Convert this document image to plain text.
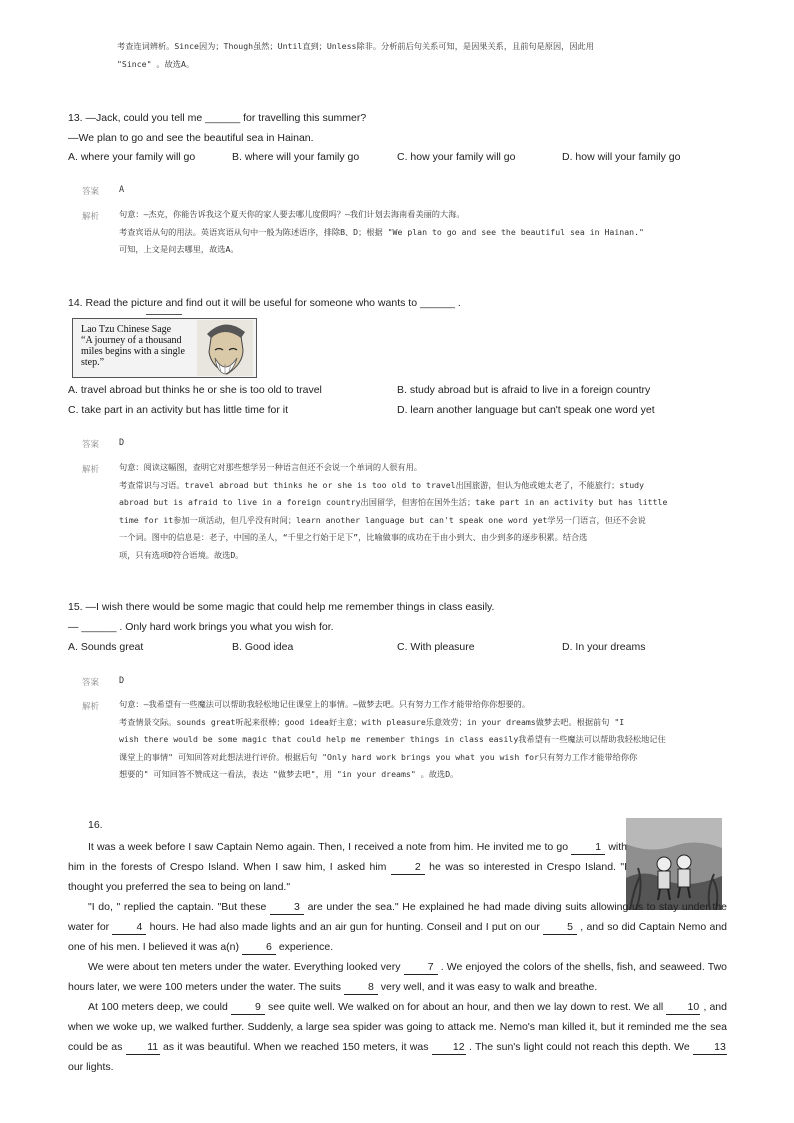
考查连词辨析。Since因为；Though虽然；Until直到；Unless除非。分析前后句关系可知，是因果关系，且前句是原因，因此用
"Since" 。故选A。
13. —Jack, could you tell me ______ for travelling this summer?
—We plan to go and see the beautiful sea in Hainan.
A. where your family will go	B. where will your family go	C. how your family will go	D. how will your family go
答案 A
解析 句意：—杰克，你能告诉我这个夏天你的家人要去哪儿度假吗？—我们计划去海南看美丽的大海。
考查宾语从句的用法。英语宾语从句中一般为陈述语序，排除B、D；根据 "We plan to go and see the beautiful sea in Hainan."
可知，上文是问去哪里，故选A。
14. Read the picture and find out it will be useful for someone who wants to ______ .
Lao Tzu Chinese Sage
“A journey of a thousand
miles begins with a single
step.”
A. travel abroad but thinks he or she is too old to travel	B. study abroad but is afraid to live in a foreign country
C. take part in an activity but has little time for it	D. learn another language but can't speak one word yet
答案 D
解析 句意：阅读这幅图，查明它对那些想学另一种语言但还不会说一个单词的人很有用。
考查常识与习语。travel abroad but thinks he or she is too old to travel出国旅游，但认为他或她太老了，不能旅行；study
abroad but is afraid to live in a foreign country出国留学，但害怕在国外生活；take part in an activity but has little
time for it参加一项活动，但几乎没有时间；learn another language but can't speak one word yet学另一门语言，但还不会说
一个词。图中的信息是：老子，中国的圣人，“千里之行始于足下”，比喻做事的成功在于由小到大、由少到多的逐步积累。结合选
项，只有选项D符合语境。故选D。
15. —I wish there would be some magic that could help me remember things in class easily.
— ______ . Only hard work brings you what you wish for.
A. Sounds great	B. Good idea	C. With pleasure	D. In your dreams
答案 D
解析 句意：—我希望有一些魔法可以帮助我轻松地记住课堂上的事情。—做梦去吧。只有努力工作才能带给你你想要的。
考查情景交际。sounds great听起来很棒；good idea好主意；with pleasure乐意效劳；in your dreams做梦去吧。根据前句 "I
wish there would be some magic that could help me remember things in class easily我希望有一些魔法可以帮助我轻松地记住
课堂上的事情" 可知回答对此想法进行评价。根据后句 "Only hard work brings you what you wish for只有努力工作才能带给你你
想要的" 可知回答不赞成这一看法，表达 "做梦去吧"，用 "in your dreams" 。故选D。
16.

It was a week before I saw Captain Nemo again. Then, I received a note from him. He invited me to go 1 with him in the forests of Crespo Island. When I saw him, I asked him 2 he was so interested in Crespo Island. "I thought you preferred the sea to being on land."

"I do, " replied the captain. "But these 3 are under the sea." He explained he had made diving suits allowing us to stay under the water for 4 hours. He had also made lights and an air gun for hunting. Conseil and I put on our 5 , and so did Captain Nemo and one of his men. I believed it was a(n) 6 experience.

We were about ten meters under the water. Everything looked very 7 . We enjoyed the colors of the shells, fish, and seaweed. Two hours later, we were 100 meters under the water. The suits 8 very well, and it was easy to walk and breathe.

At 100 meters deep, we could 9 see quite well. We walked on for about an hour, and then we lay down to rest. We all 10 , and when we woke up, we walked further. Suddenly, a large sea spider was going to attack me. Nemo's man killed it, but it reminded me the sea could be as 11 as it was beautiful. When we reached 150 meters, it was 12 . The sun's light could not reach this depth. We 13 our lights.
